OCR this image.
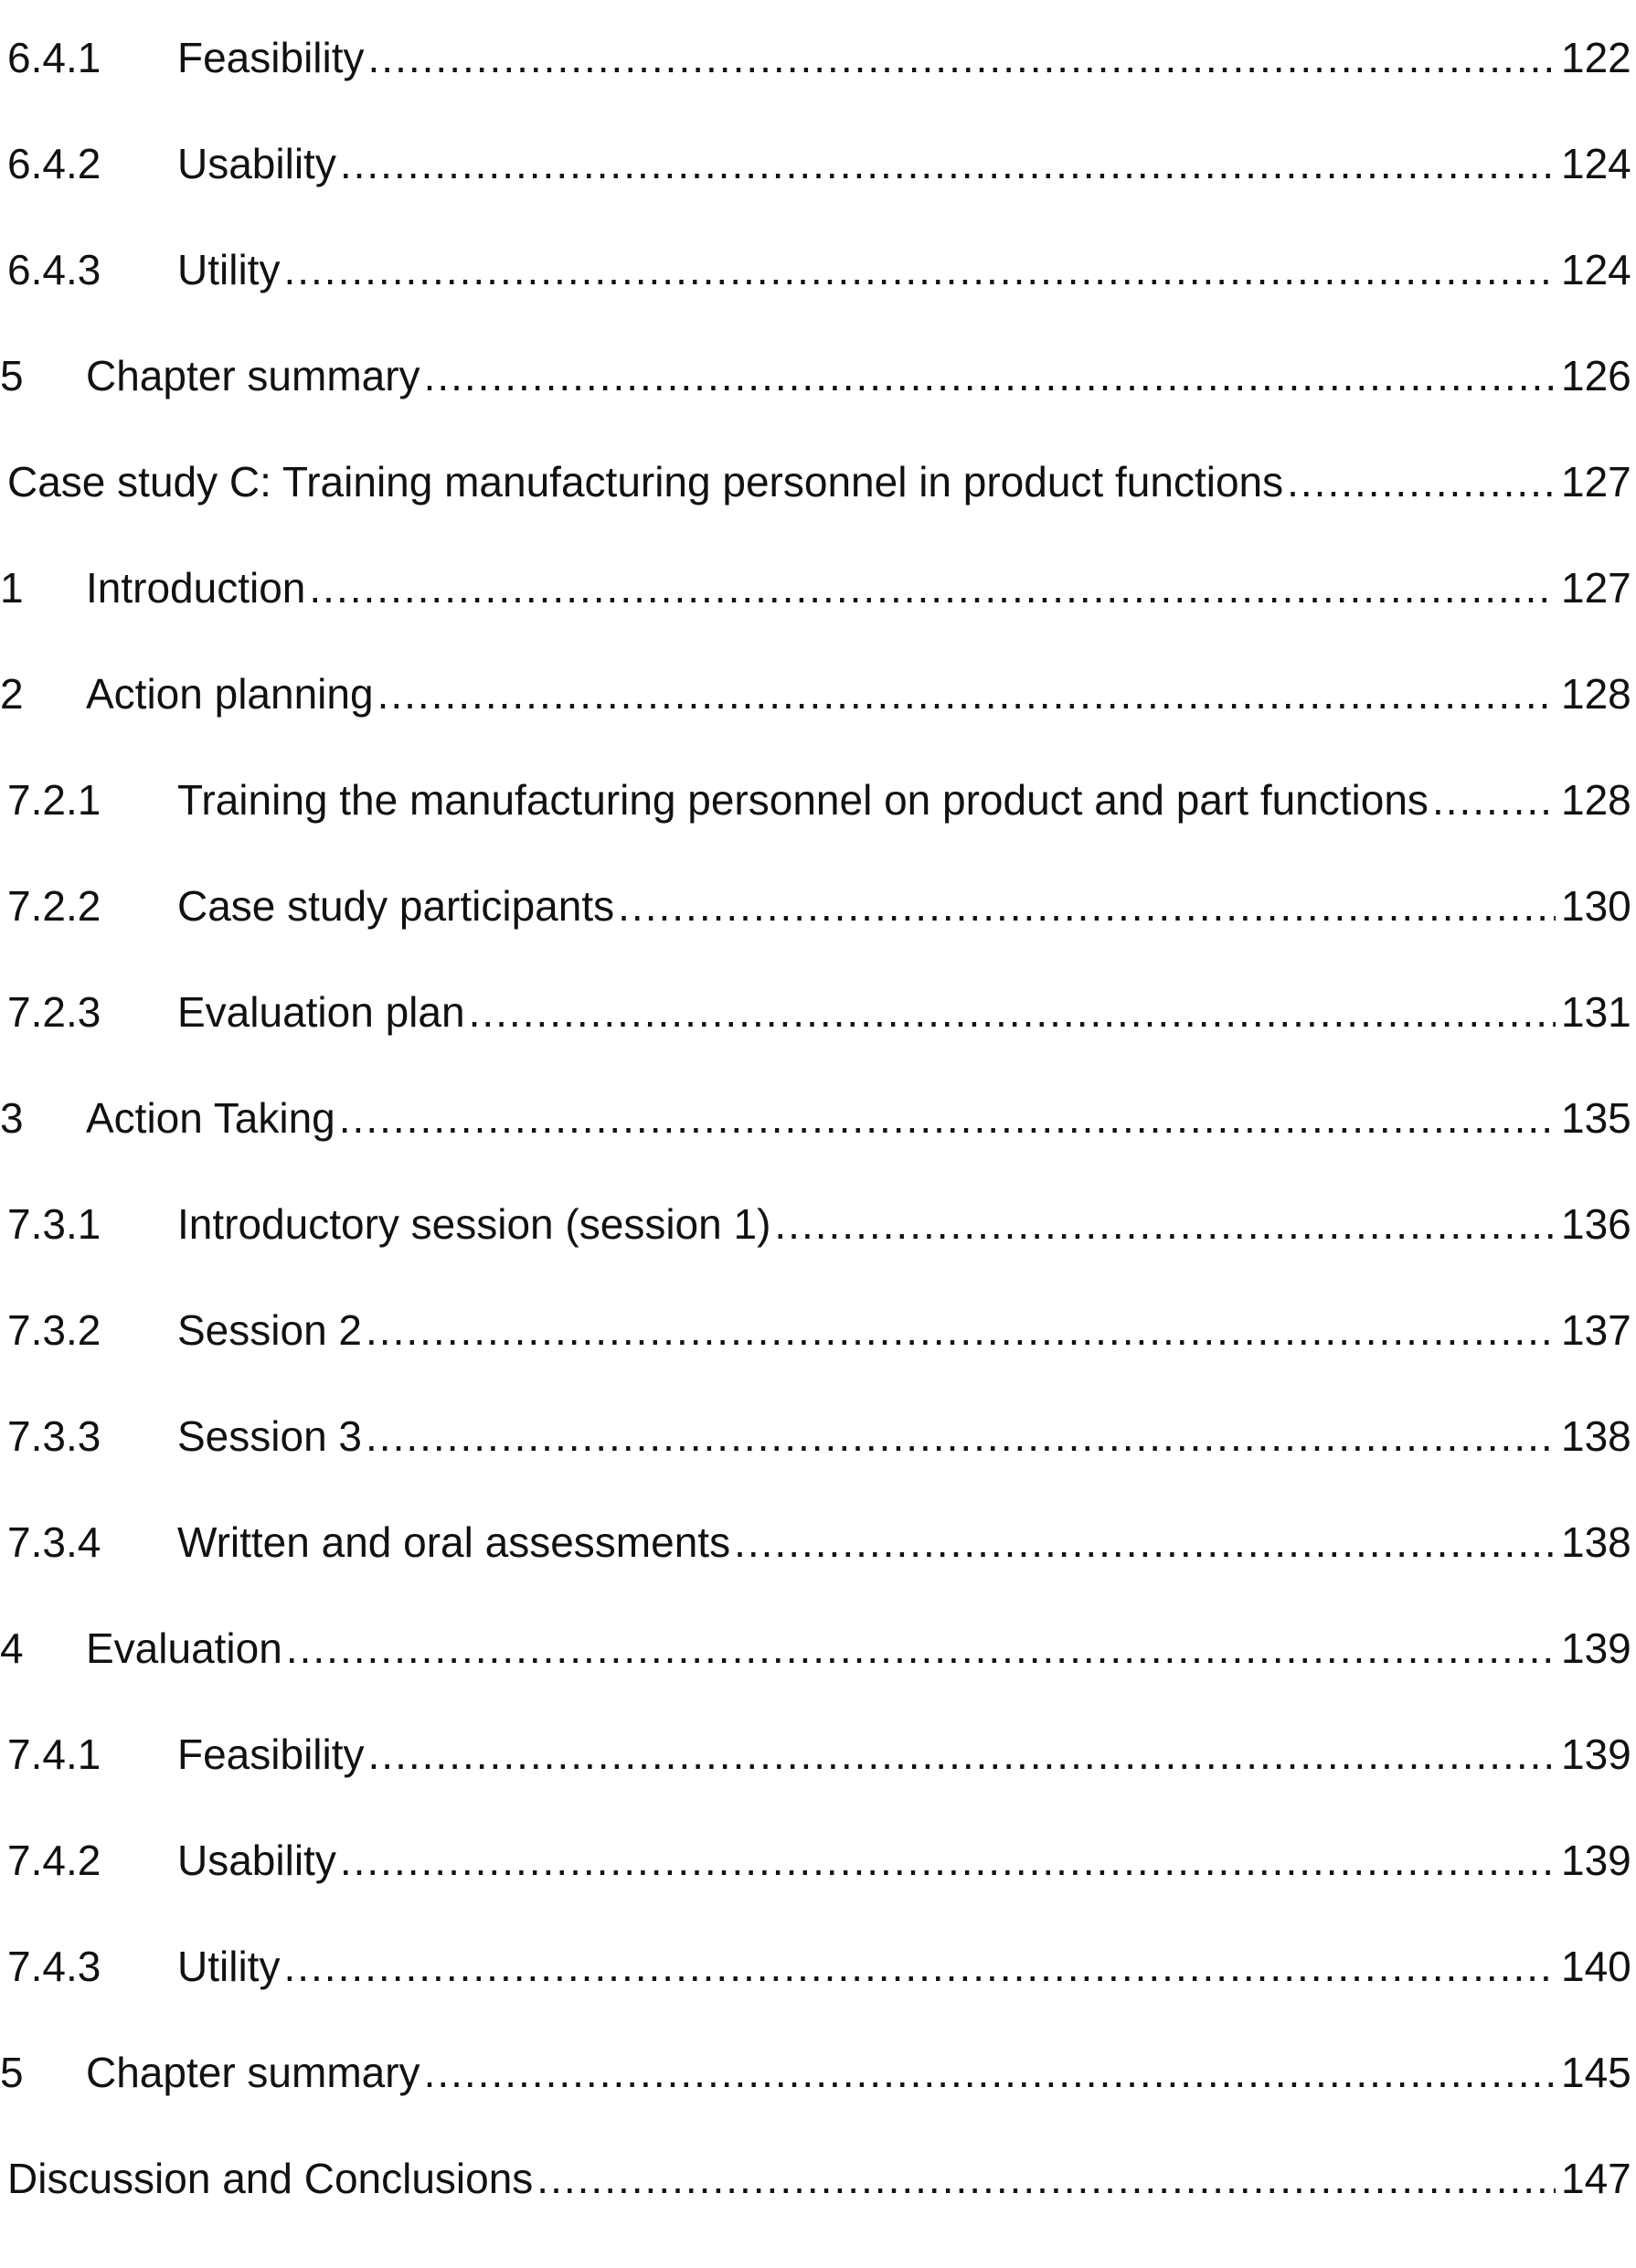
6.4.1	Feasibility .....	122
6.4.2	Usability .....	124
6.4.3	Utility .....	124
5	Chapter summary .....	126
Case study C: Training manufacturing personnel in product functions .....	127
1	Introduction .....	127
2	Action planning .....	128
7.2.1	Training the manufacturing personnel on product and part functions .....	128
7.2.2	Case study participants .....	130
7.2.3	Evaluation plan .....	131
3	Action Taking .....	135
7.3.1	Introductory session (session 1) .....	136
7.3.2	Session 2 .....	137
7.3.3	Session 3 .....	138
7.3.4	Written and oral assessments .....	138
4	Evaluation .....	139
7.4.1	Feasibility .....	139
7.4.2	Usability .....	139
7.4.3	Utility .....	140
5	Chapter summary .....	145
Discussion and Conclusions .....	147
